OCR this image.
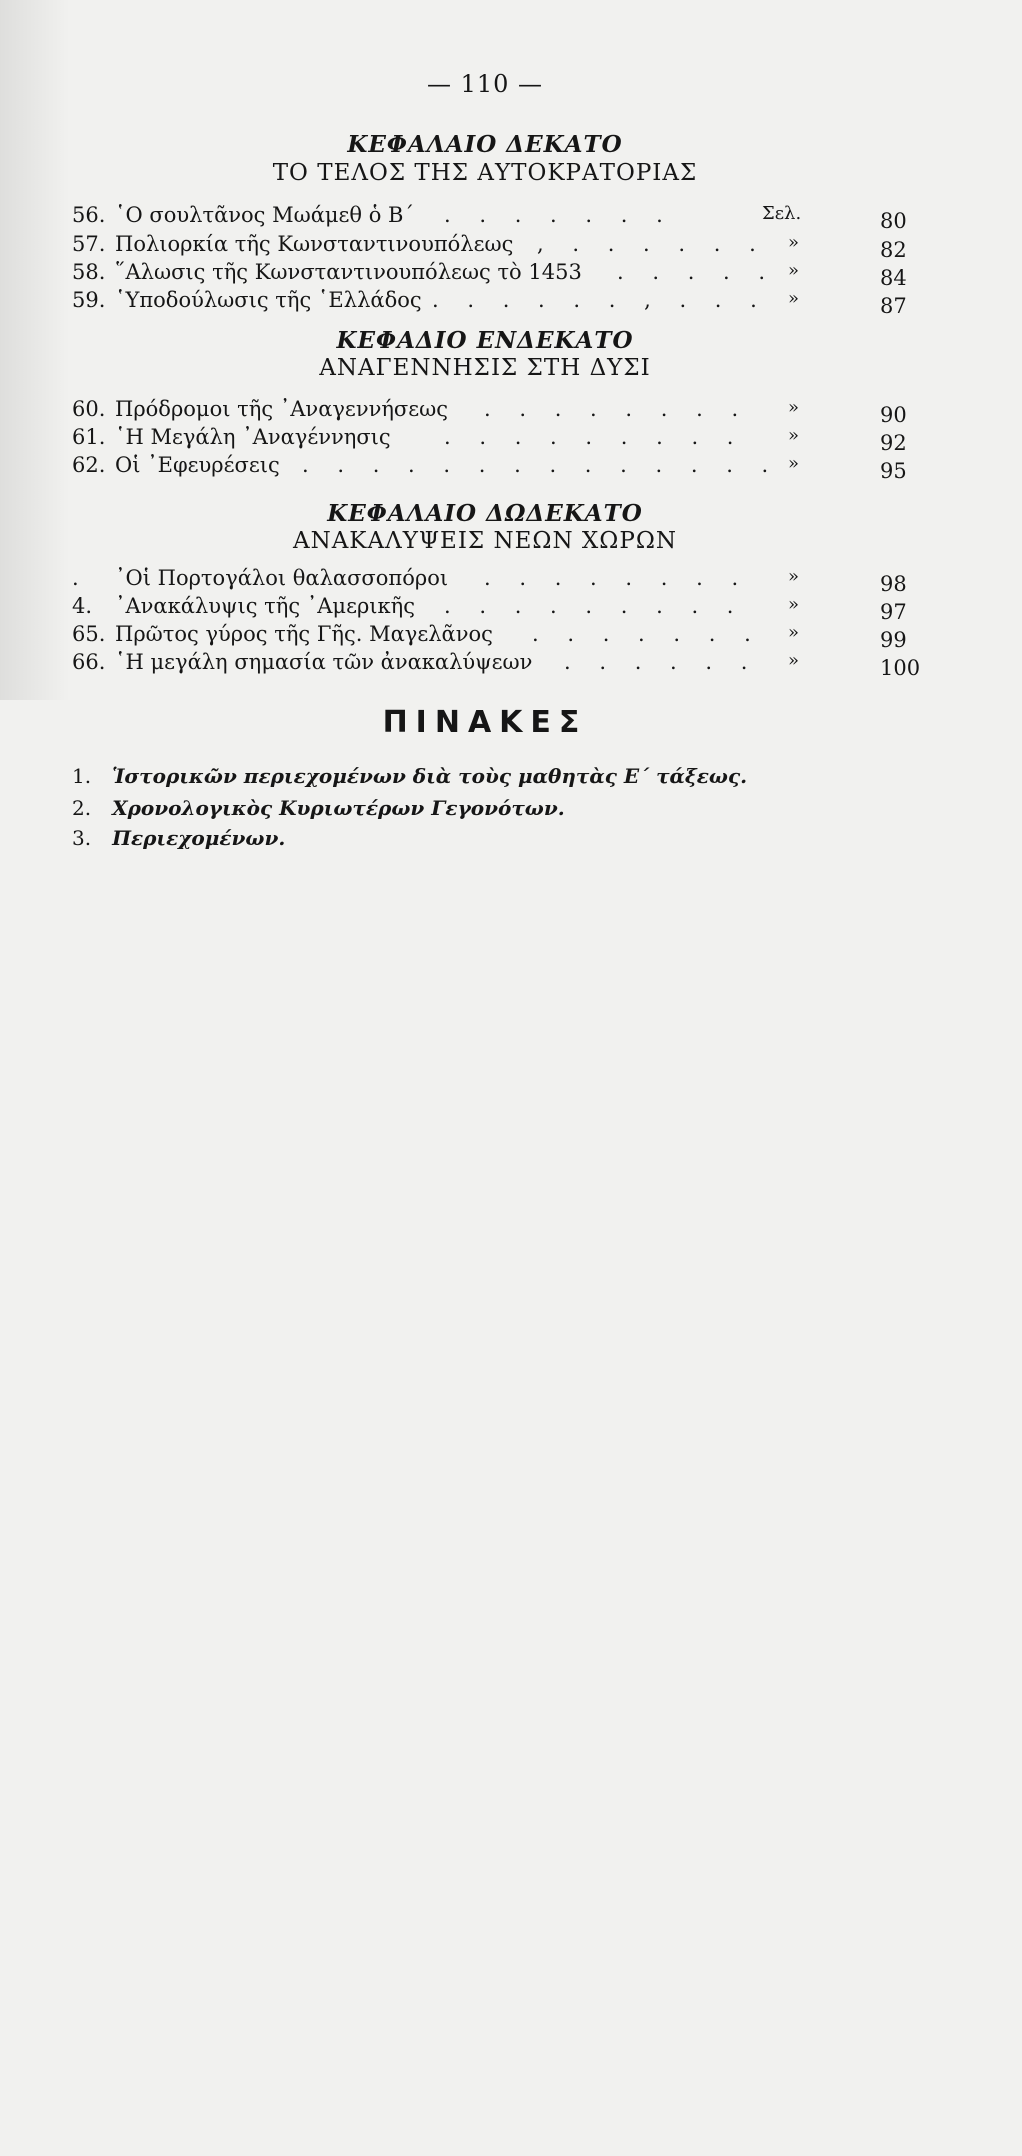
— 110 —
ΚΕΦΑΛΑΙΟ ΔΕΚΑΤΟ
ΤΟ ΤΕΛΟΣ ΤΗΣ ΑΥΤΟΚΡΑΤΟΡΙΑΣ
56. ῾Ο σουλτᾶνος Μωάμεθ ὁ Β΄ . . . . . . .	Σελ.	80
57. Πολιορκία τῆς Κωνσταντινουπόλεως , . . . . . . »	82
58. ῞Αλωσις τῆς Κωνσταντινουπόλεως τὸ 1453 . . . . . »	84
59. ῾Υποδούλωσις τῆς ῾Ελλάδος . . . . . . , . . . »	87
ΚΕΦΑΔΙΟ ΕΝΔΕΚΑΤΟ
ΑΝΑΓΕΝΝΗΣΙΣ ΣΤΗ ΔΥΣΙ
60. Πρόδρομοι τῆς ᾿Αναγεννήσεως . . . . . . . . »	90
61. ῾Η Μεγάλη ᾿Αναγέννησις	. . . . . . . . . »	92
62. Οἱ ᾿Εφευρέσεις . . . . . . . . . . . . . . »	95
ΚΕΦΑΛΑΙΟ ΔΩΔΕΚΑΤΟ
ΑΝΑΚΑΛΥΨΕΙΣ ΝΕΩΝ ΧΩΡΩΝ
. ᾿Οἱ Πορτογάλοι θαλασσοπόροι . . . . . . . . »	98
4. ᾿Ανακάλυψις τῆς ᾿Αμερικῆς . . . . . . . . . »	97
65. Πρῶτος γύρος τῆς Γῆς. Μαγελᾶνος . . . . . . . »	99
66. ῾Η μεγάλη σημασία τῶν ἀνακαλύψεων . . . . . . »	100
ΠΙΝΑΚΕΣ
1. Ἱστορικῶν περιεχομένων διὰ τοὺς μαθητὰς Ε΄ τάξεως.
2. Χρονολογικὸς Κυριωτέρων Γεγονότων.
3. Περιεχομένων.
